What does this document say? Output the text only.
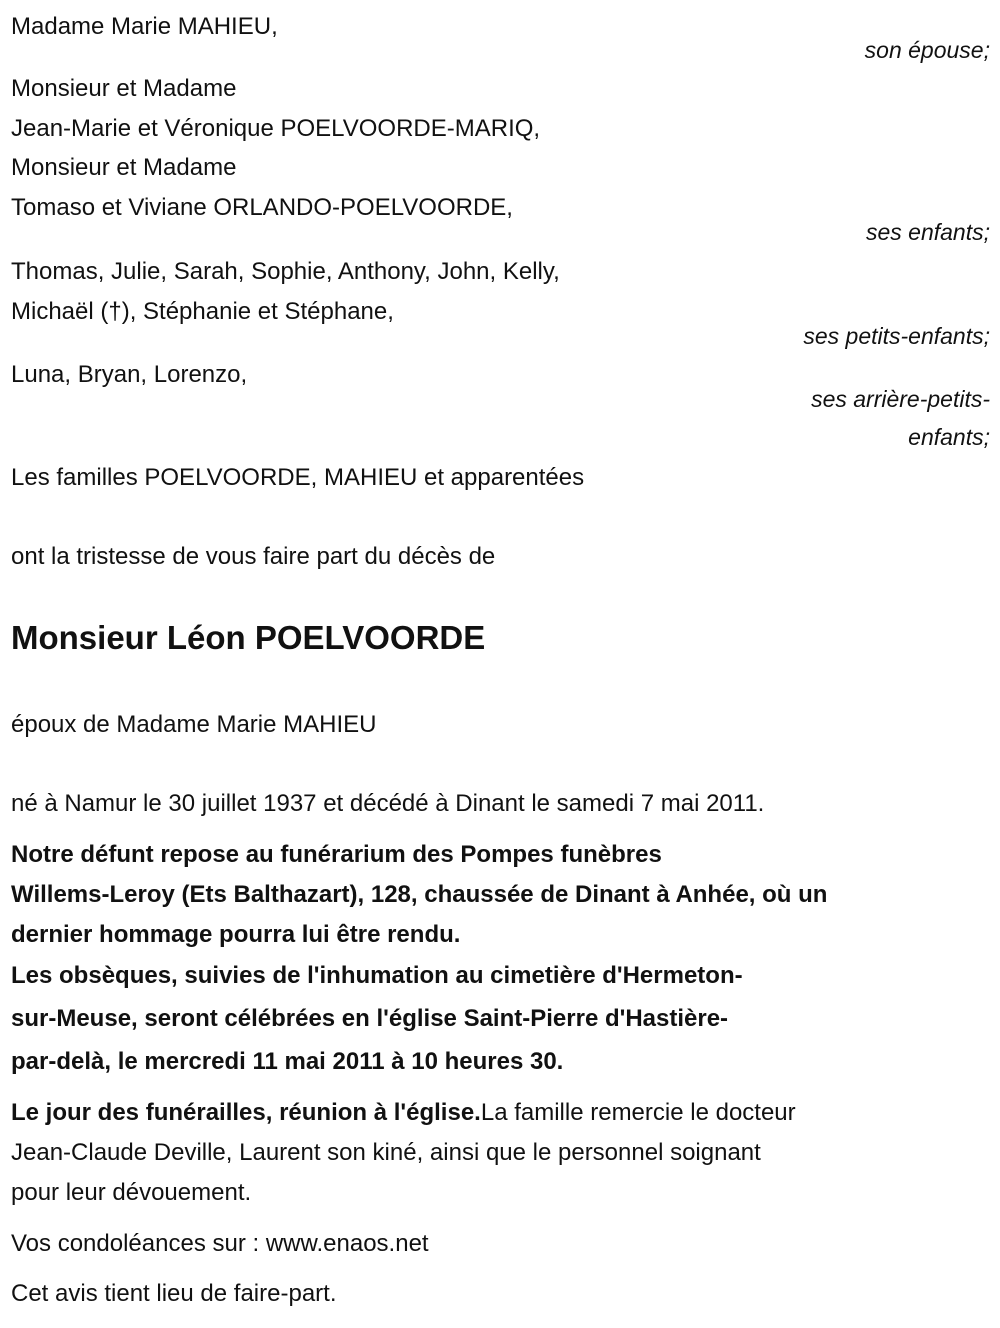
Madame Marie MAHIEU,
son épouse;
Monsieur et Madame
Jean-Marie et Véronique POELVOORDE-MARIQ,
Monsieur et Madame
Tomaso et Viviane ORLANDO-POELVOORDE,
ses enfants;
Thomas, Julie, Sarah, Sophie, Anthony, John, Kelly,
Michaël (†), Stéphanie et Stéphane,
ses petits-enfants;
Luna, Bryan, Lorenzo,
ses arrière-petits-
enfants;
Les familles POELVOORDE, MAHIEU et apparentées
ont la tristesse de vous faire part du décès de
Monsieur Léon POELVOORDE
époux de Madame Marie MAHIEU
né à Namur le 30 juillet 1937 et décédé à Dinant le samedi 7 mai 2011.
Notre défunt repose au funérarium des Pompes funèbres
Willems-Leroy (Ets Balthazart), 128, chaussée de Dinant à Anhée, où un
dernier hommage pourra lui être rendu.
Les obsèques, suivies de l'inhumation au cimetière d'Hermeton-
sur-Meuse, seront célébrées en l'église Saint-Pierre d'Hastière-
par-delà, le mercredi 11 mai 2011 à 10 heures 30.
Le jour des funérailles, réunion à l'église.La famille remercie le docteur
Jean-Claude Deville, Laurent son kiné, ainsi que le personnel soignant
pour leur dévouement.
Vos condoléances sur : www.enaos.net
Cet avis tient lieu de faire-part.
